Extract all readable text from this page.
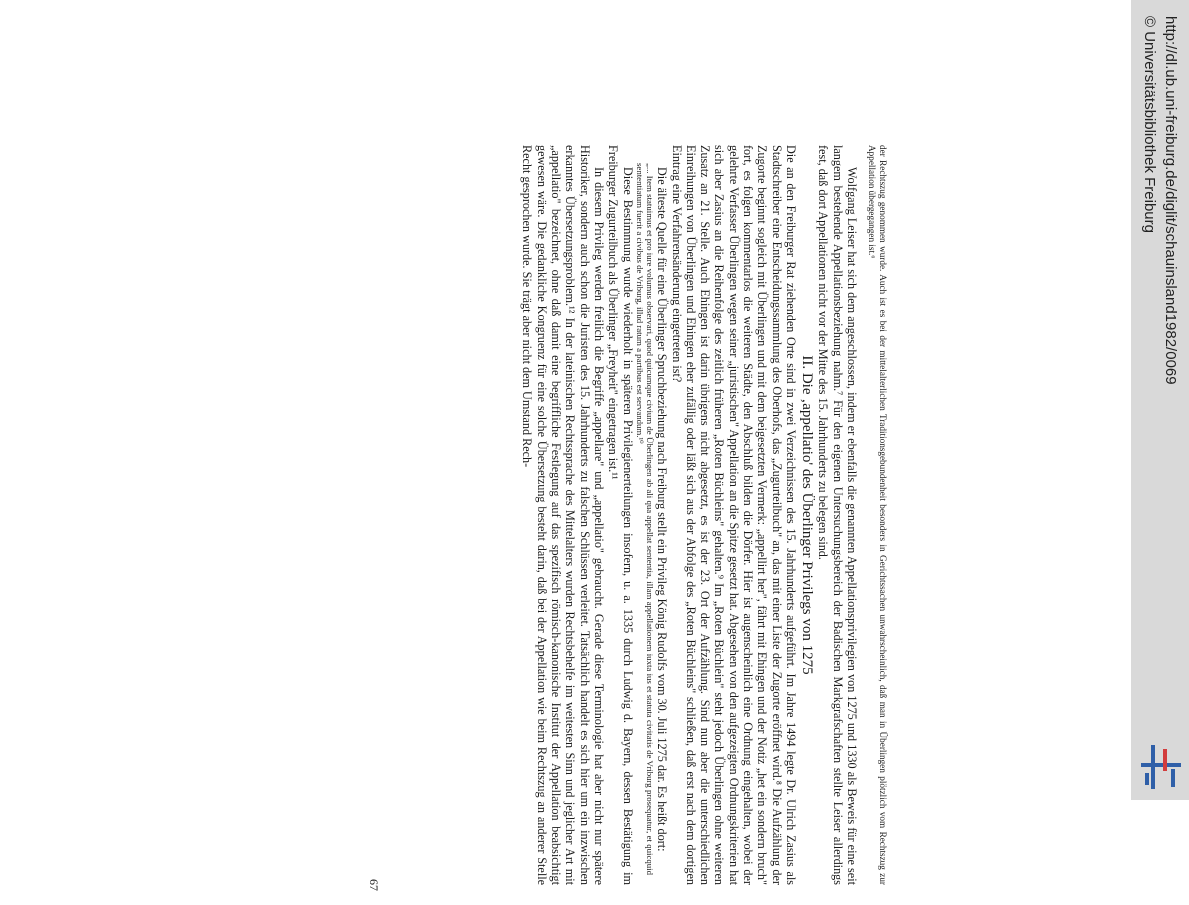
der Rechtszug genommen wurde. Auch ist es bei der mittelalterlichen Traditionsgebundenheit besonders in Gerichtssachen unwahrscheinlich, daß man in Überlingen plötzlich vom Rechtszug zur Appellation übergegangen ist.⁶

Wolfgang Leiser hat sich dem angeschlossen, indem er ebenfalls die genannten Appellationsprivilegien von 1275 und 1330 als Beweis für eine seit langem bestehende Appellationsbeziehung nahm.⁷ Für den eigenen Untersuchungsbereich der Badischen Markgrafschaften stellte Leiser allerdings fest, daß dort Appellationen nicht vor der Mitte des 15. Jahrhunderts zu belegen sind.

II. Die ‚appellatio' des Überlinger Privilegs von 1275

Die an den Freiburger Rat ziehenden Orte sind in zwei Verzeichnissen des 15. Jahrhunderts aufgeführt. Im Jahre 1494 legte Dr. Ulrich Zasius als Stadtschreiber eine Entscheidungssammlung des Oberhofs, das „Zugurteilbuch" an, das mit einer Liste der Zugorte eröffnet wird.⁸ Die Aufzählung der Zugorte beginnt sogleich mit Überlingen und mit dem beigesetzten Vermerk: „appellirt her", fährt mit Ehingen und der Notiz „het ein sondern bruch" fort, es folgen kommentarlos die weiteren Städte, den Abschluß bilden die Dörfer. Hier ist augenscheinlich eine Ordnung eingehalten, wobei der gelehrte Verfasser Überlingen wegen seiner „juristischen" Appellation an die Spitze gesetzt hat. Abgesehen von den aufgezeigten Ordnungskriterien hat sich aber Zasius an die Reihenfolge des zeitlich früheren „Roten Büchleins" gehalten.⁹ Im „Roten Büchlein" steht jedoch Überlingen ohne weiteren Zusatz an 21. Stelle. Auch Ehingen ist darin übrigens nicht abgesetzt, es ist der 23. Ort der Aufzählung. Sind nun aber die unterschiedlichen Einreihungen von Überlingen und Ehingen eher zufällig oder läßt sich aus der Abfolge des „Roten Büchleins" schließen, daß erst nach dem dortigen Eintrag eine Verfahrensänderung eingetreten ist?

Die älteste Quelle für eine Überlinger Spruchbeziehung nach Freiburg stellt ein Privileg König Rudolfs vom 30. Juli 1275 dar. Es heißt dort:

„... Item statuimus et pro iure volumus observari, quod quicumque civium de Überlingen ab ali qua appellat sententia, illam appellationem iuxta ius et statuta civitatis de Vriburg prosequatur, et quicquid sententiatum fuerit a civibus de Vriburg, illud ratum a partibus est servandum.¹⁰

Diese Bestimmung wurde wiederholt in späteren Privilegienerteilungen insofern, u. a. 1335 durch Ludwig d. Bayern, dessen Bestätigung im Freiburger Zugurteilbuch als Überlinger „Freyheit" eingetragen ist.¹¹

In diesem Privileg werden freilich die Begriffe „appellare" und „appellatio" gebraucht. Gerade diese Terminologie hat aber nicht nur spätere Historiker, sondern auch schon die Juristen des 15. Jahrhunderts zu falschen Schlüssen verleitet. Tatsächlich handelt es sich hier um ein inzwischen erkanntes Übersetzungsproblem.¹² In der lateinischen Rechtssprache des Mittelalters wurden Rechtsbehelfe im weitesten Sinn und jeglicher Art mit „appellatio" bezeichnet, ohne daß damit eine begriffliche Festlegung auf das spezifisch römisch-kanonische Institut der Appellation beabsichtigt gewesen wäre. Die gedankliche Kongruenz für eine solche Übersetzung besteht darin, daß bei der Appellation wie beim Rechtszug an anderer Stelle Recht gesprochen wurde. Sie trägt aber nicht dem Umstand Rech-

67
http://dl.ub.uni-freiburg.de/diglit/schauinsland1982/0069
© Universitätsbibliothek Freiburg
